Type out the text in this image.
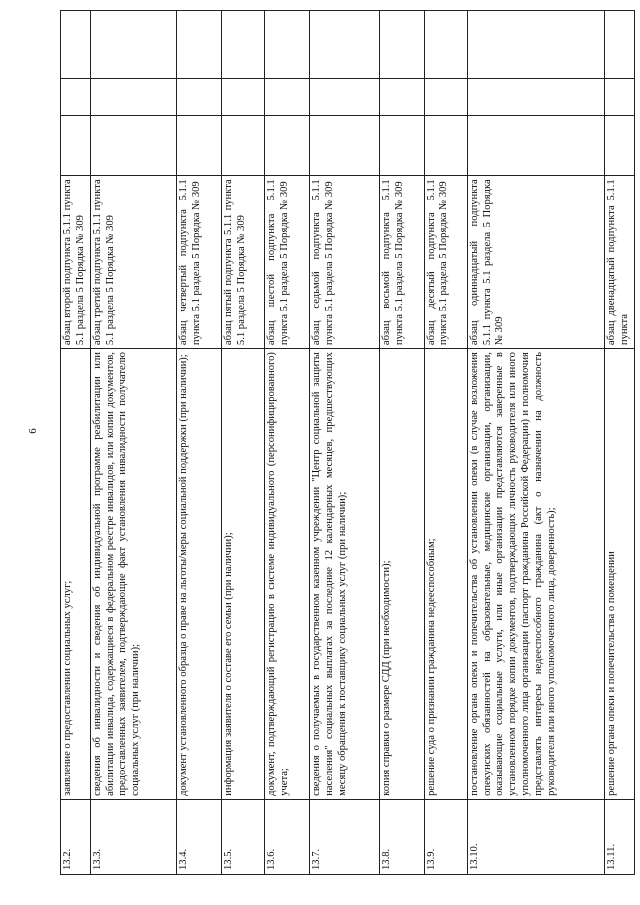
6
13.2.	заявление о предоставлении социальных услуг;	абзац второй подпункта 5.1.1 пункта 5.1 раздела 5 Порядка № 309			
13.3.	сведения об инвалидности и сведения об индивидуальной программе реабилитации или абилитации инвалида, содержащиеся в федеральном реестре инвалидов, или копии документов, предоставленных заявителем, подтверждающие факт установления инвалидности получателю социальных услуг (при наличии);	абзац третий подпункта 5.1.1 пункта 5.1 раздела 5 Порядка № 309			
13.4.	документ установленного образца о праве на льготы/меры социальной поддержки (при наличии);	абзац четвертый подпункта 5.1.1 пункта 5.1 раздела 5 Порядка № 309			
13.5.	информация заявителя о составе его семьи (при наличии);	абзац пятый подпункта 5.1.1 пункта 5.1 раздела 5 Порядка № 309			
13.6.	документ, подтверждающий регистрацию в системе индивидуального (персонифицированного) учета;	абзац шестой подпункта 5.1.1 пункта 5.1 раздела 5 Порядка № 309			
13.7.	сведения о получаемых в государственном казенном учреждении "Центр социальной защиты населения" социальных выплатах за последние 12 календарных месяцев, предшествующих месяцу обращения к поставщику социальных услуг (при наличии);	абзац седьмой подпункта 5.1.1 пункта 5.1 раздела 5 Порядка № 309			
13.8.	копия справки о размере СДД (при необходимости);	абзац восьмой подпункта 5.1.1 пункта 5.1 раздела 5 Порядка № 309			
13.9.	решение суда о признании гражданина недееспособным;	абзац десятый подпункта 5.1.1 пункта 5.1 раздела 5 Порядка № 309			
13.10.	постановление органа опеки и попечительства об установлении опеки (в случае возложения опекунских обязанностей на образовательные, медицинские организации, организации, оказывающие социальные услуги, или иные организации представляются заверенные в установленном порядке копии документов, подтверждающих личность руководителя или иного уполномоченного лица организации (паспорт гражданина Российской Федерации) и полномочия представлять интересы недееспособного гражданина (акт о назначении на должность руководителя или иного уполномоченного лица, доверенность);	абзац одиннадцатый подпункта 5.1.1 пункта 5.1 раздела 5 Порядка № 309			
13.11.	решение органа опеки и попечительства о помещении	абзац двенадцатый подпункта 5.1.1 пункта			
